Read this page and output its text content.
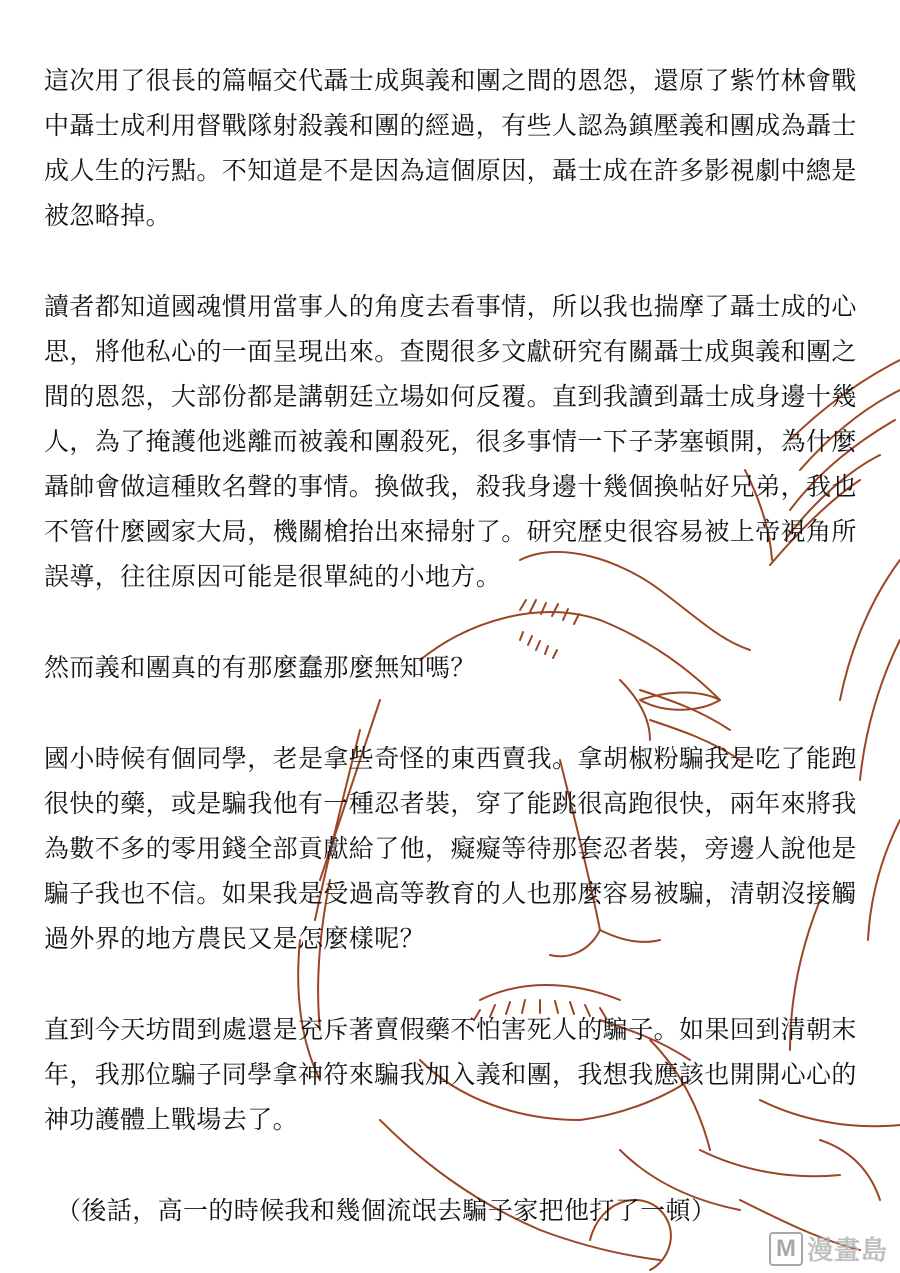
這次用了很長的篇幅交代聶士成與義和團之間的恩怨，還原了紫竹林會戰中聶士成利用督戰隊射殺義和團的經過，有些人認為鎮壓義和團成為聶士成人生的污點。不知道是不是因為這個原因，聶士成在許多影視劇中總是被忽略掉。

讀者都知道國魂慣用當事人的角度去看事情，所以我也揣摩了聶士成的心思，將他私心的一面呈現出來。查閱很多文獻研究有關聶士成與義和團之間的恩怨，大部份都是講朝廷立場如何反覆。直到我讀到聶士成身邊十幾人，為了掩護他逃離而被義和團殺死，很多事情一下子茅塞頓開，為什麼聶帥會做這種敗名聲的事情。換做我，殺我身邊十幾個換帖好兄弟，我也不管什麼國家大局，機關槍抬出來掃射了。研究歷史很容易被上帝視角所誤導，往往原因可能是很單純的小地方。

然而義和團真的有那麼蠢那麼無知嗎？

國小時候有個同學，老是拿些奇怪的東西賣我。拿胡椒粉騙我是吃了能跑很快的藥，或是騙我他有一種忍者裝，穿了能跳很高跑很快，兩年來將我為數不多的零用錢全部貢獻給了他，癡癡等待那套忍者裝，旁邊人說他是騙子我也不信。如果我是受過高等教育的人也那麼容易被騙，清朝沒接觸過外界的地方農民又是怎麼樣呢？

直到今天坊間到處還是充斥著賣假藥不怕害死人的騙子。如果回到清朝末年，我那位騙子同學拿神符來騙我加入義和團，我想我應該也開開心心的神功護體上戰場去了。

（後話，高一的時候我和幾個流氓去騙子家把他打了一頓）
M 漫畫島
